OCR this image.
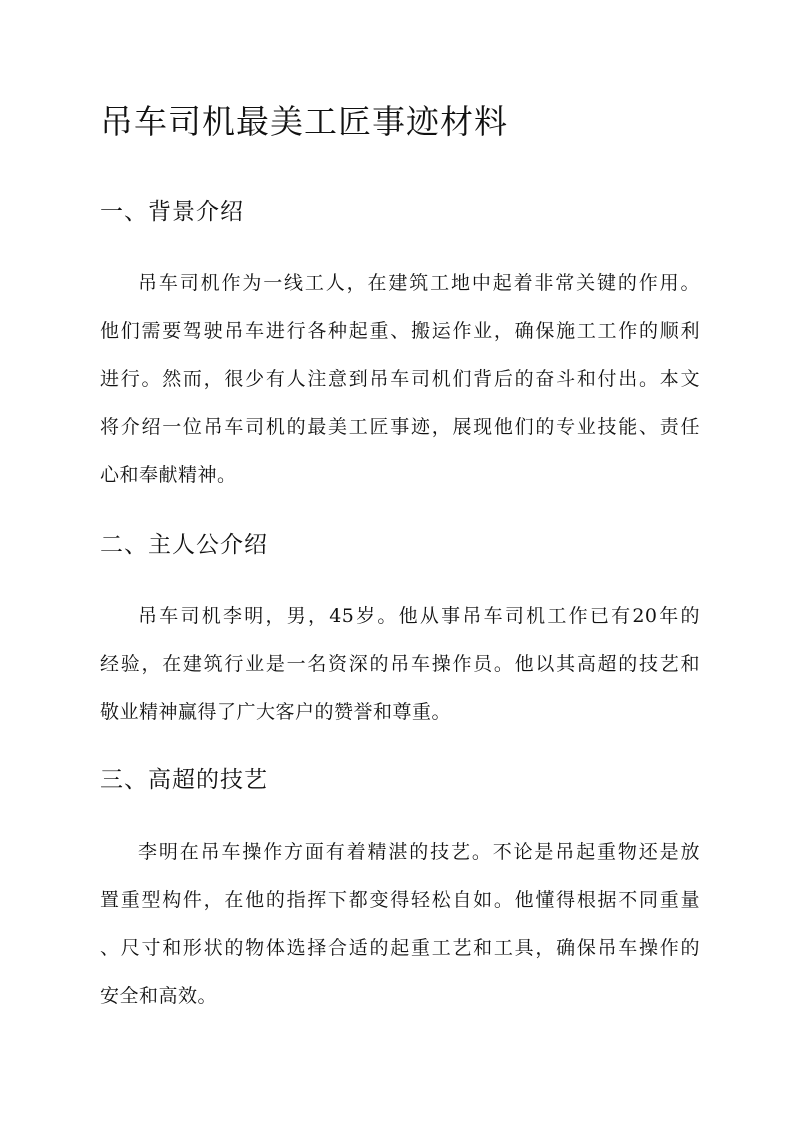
吊车司机最美工匠事迹材料
一、背景介绍
吊车司机作为一线工人，在建筑工地中起着非常关键的作用。
他们需要驾驶吊车进行各种起重、搬运作业，确保施工工作的顺利
进行。然而，很少有人注意到吊车司机们背后的奋斗和付出。本文
将介绍一位吊车司机的最美工匠事迹，展现他们的专业技能、责任
心和奉献精神。
二、主人公介绍
吊车司机李明，男，45岁。他从事吊车司机工作已有20年的
经验，在建筑行业是一名资深的吊车操作员。他以其高超的技艺和
敬业精神赢得了广大客户的赞誉和尊重。
三、高超的技艺
李明在吊车操作方面有着精湛的技艺。不论是吊起重物还是放
置重型构件，在他的指挥下都变得轻松自如。他懂得根据不同重量
、尺寸和形状的物体选择合适的起重工艺和工具，确保吊车操作的
安全和高效。
